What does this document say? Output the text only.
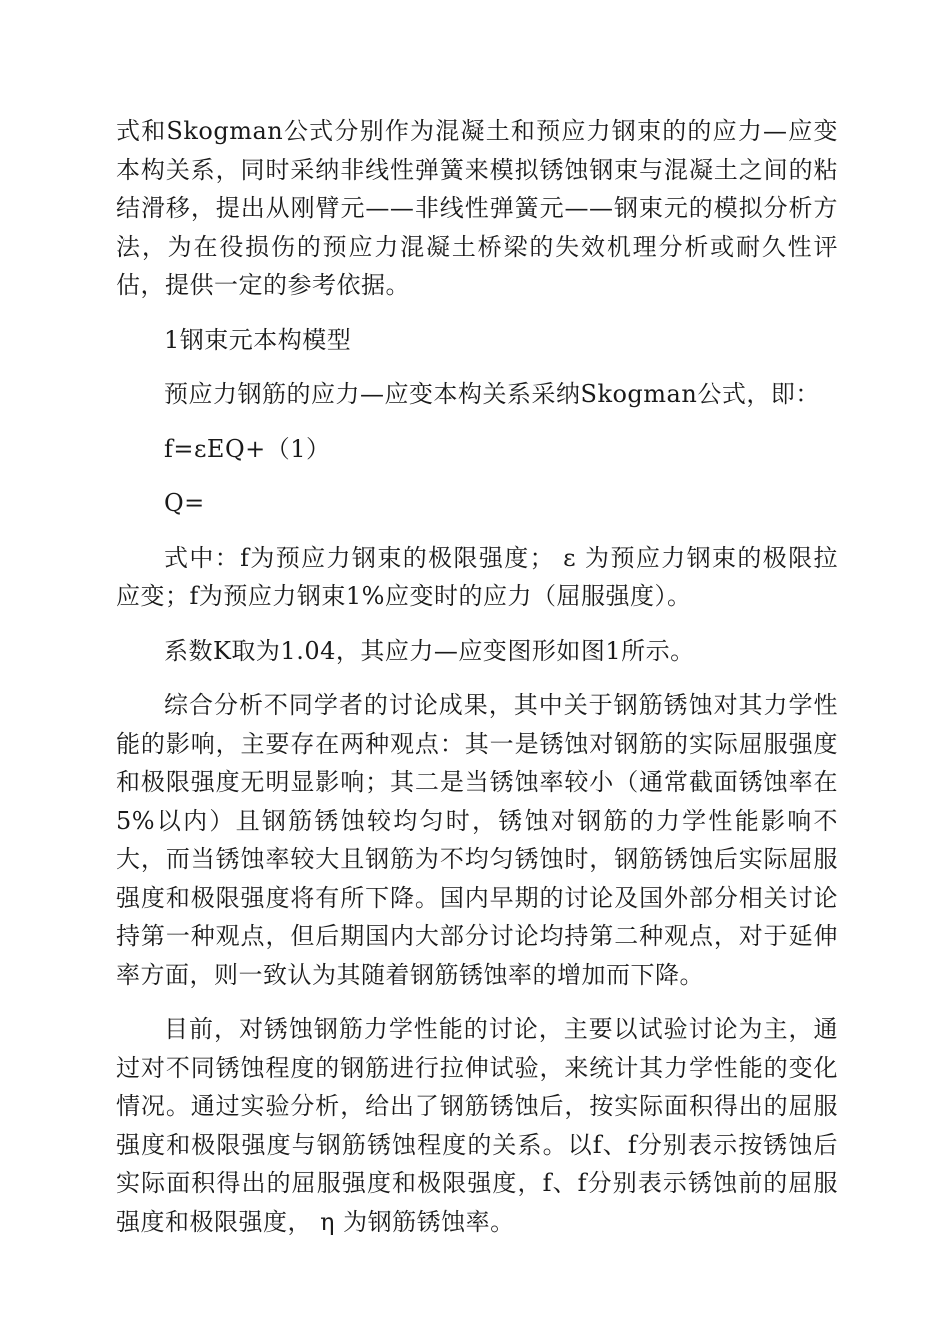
式和Skogman公式分别作为混凝土和预应力钢束的的应力—应变本构关系，同时采纳非线性弹簧来模拟锈蚀钢束与混凝土之间的粘结滑移，提出从刚臂元——非线性弹簧元——钢束元的模拟分析方法，为在役损伤的预应力混凝土桥梁的失效机理分析或耐久性评估，提供一定的参考依据。

1钢束元本构模型

预应力钢筋的应力—应变本构关系采纳Skogman公式，即：

f=εEQ+（1）

Q=

式中：f为预应力钢束的极限强度； ε 为预应力钢束的极限拉应变；f为预应力钢束1%应变时的应力（屈服强度）。

系数K取为1.04，其应力—应变图形如图1所示。

综合分析不同学者的讨论成果，其中关于钢筋锈蚀对其力学性能的影响，主要存在两种观点：其一是锈蚀对钢筋的实际屈服强度和极限强度无明显影响；其二是当锈蚀率较小（通常截面锈蚀率在5%以内）且钢筋锈蚀较均匀时，锈蚀对钢筋的力学性能影响不大，而当锈蚀率较大且钢筋为不均匀锈蚀时，钢筋锈蚀后实际屈服强度和极限强度将有所下降。国内早期的讨论及国外部分相关讨论持第一种观点，但后期国内大部分讨论均持第二种观点，对于延伸率方面，则一致认为其随着钢筋锈蚀率的增加而下降。

目前，对锈蚀钢筋力学性能的讨论，主要以试验讨论为主，通过对不同锈蚀程度的钢筋进行拉伸试验，来统计其力学性能的变化情况。通过实验分析，给出了钢筋锈蚀后，按实际面积得出的屈服强度和极限强度与钢筋锈蚀程度的关系。以f、f分别表示按锈蚀后实际面积得出的屈服强度和极限强度，f、f分别表示锈蚀前的屈服强度和极限强度， η 为钢筋锈蚀率。
